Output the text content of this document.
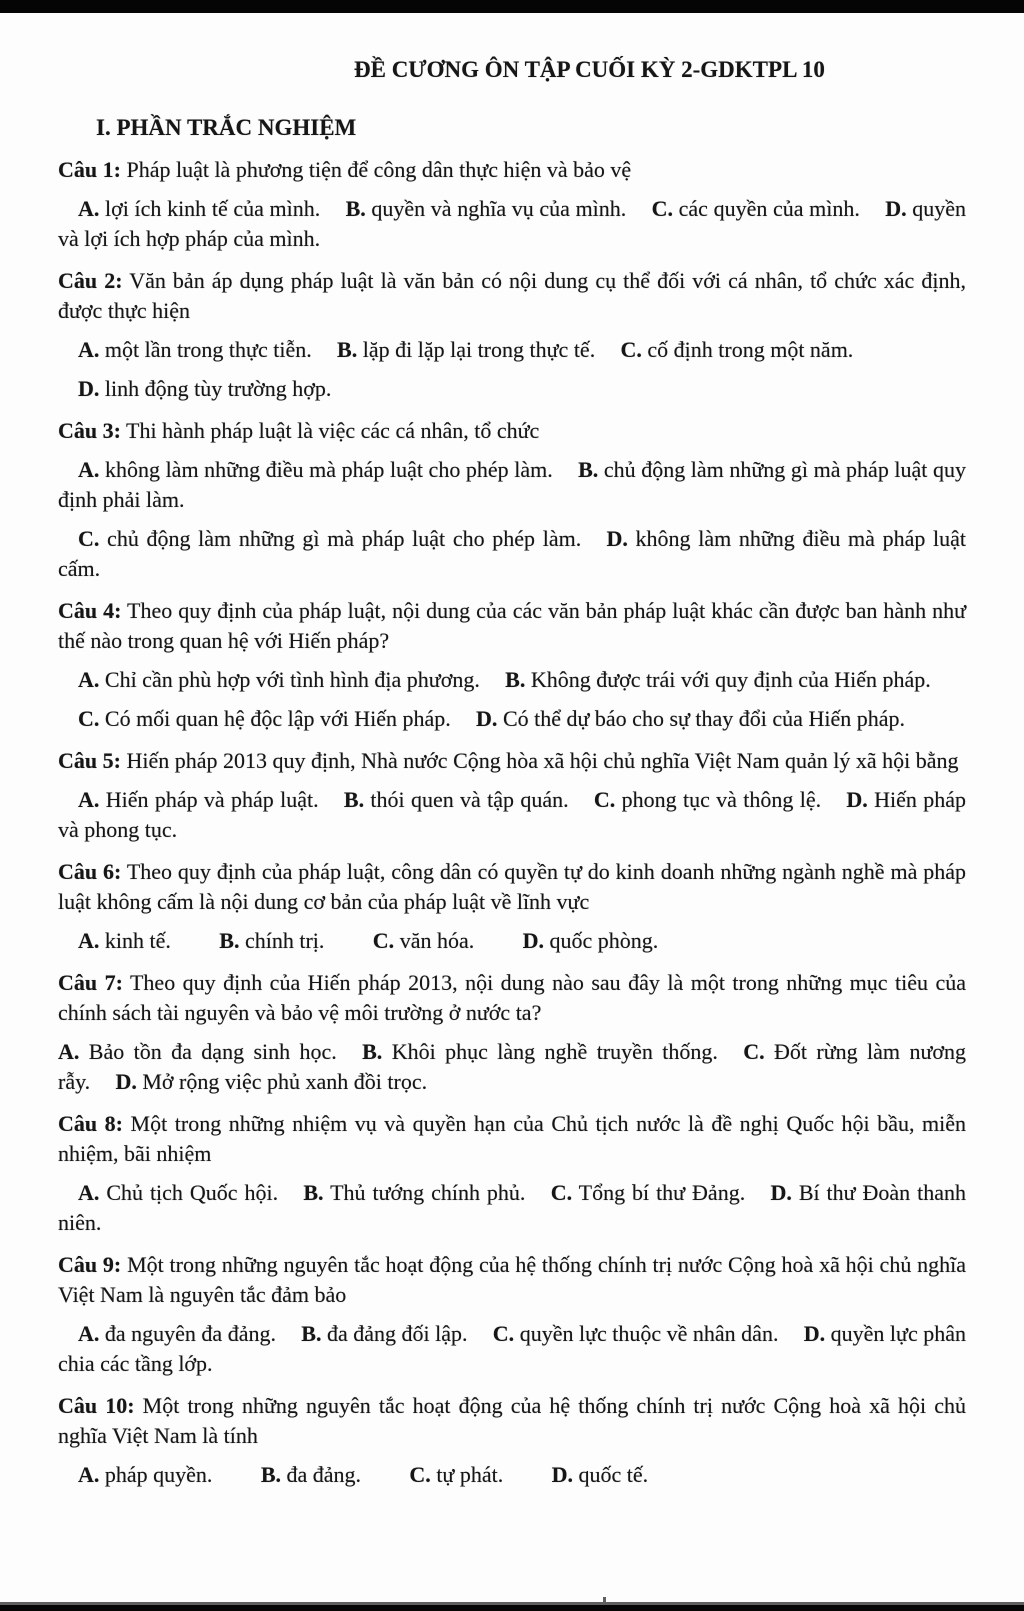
ĐỀ CƯƠNG ÔN TẬP CUỐI KỲ 2-GDKTPL 10
I. PHẦN TRẮC NGHIỆM

Câu 1: Pháp luật là phương tiện để công dân thực hiện và bảo vệ

A. lợi ích kinh tế của mình. B. quyền và nghĩa vụ của mình. C. các quyền của mình. D. quyền và lợi ích hợp pháp của mình.

Câu 2: Văn bản áp dụng pháp luật là văn bản có nội dung cụ thể đối với cá nhân, tổ chức xác định, được thực hiện

A. một lần trong thực tiễn. B. lặp đi lặp lại trong thực tế. C. cố định trong một năm.

D. linh động tùy trường hợp.

Câu 3: Thi hành pháp luật là việc các cá nhân, tổ chức

A. không làm những điều mà pháp luật cho phép làm. B. chủ động làm những gì mà pháp luật quy định phải làm.

C. chủ động làm những gì mà pháp luật cho phép làm. D. không làm những điều mà pháp luật cấm.

Câu 4: Theo quy định của pháp luật, nội dung của các văn bản pháp luật khác cần được ban hành như thế nào trong quan hệ với Hiến pháp?

A. Chỉ cần phù hợp với tình hình địa phương. B. Không được trái với quy định của Hiến pháp.

C. Có mối quan hệ độc lập với Hiến pháp. D. Có thể dự báo cho sự thay đổi của Hiến pháp.

Câu 5: Hiến pháp 2013 quy định, Nhà nước Cộng hòa xã hội chủ nghĩa Việt Nam quản lý xã hội bằng

A. Hiến pháp và pháp luật. B. thói quen và tập quán. C. phong tục và thông lệ. D. Hiến pháp và phong tục.

Câu 6: Theo quy định của pháp luật, công dân có quyền tự do kinh doanh những ngành nghề mà pháp luật không cấm là nội dung cơ bản của pháp luật về lĩnh vực

A. kinh tế. B. chính trị. C. văn hóa. D. quốc phòng.

Câu 7: Theo quy định của Hiến pháp 2013, nội dung nào sau đây là một trong những mục tiêu của chính sách tài nguyên và bảo vệ môi trường ở nước ta?

A. Bảo tồn đa dạng sinh học. B. Khôi phục làng nghề truyền thống. C. Đốt rừng làm nương rẫy. D. Mở rộng việc phủ xanh đồi trọc.

Câu 8: Một trong những nhiệm vụ và quyền hạn của Chủ tịch nước là đề nghị Quốc hội bầu, miễn nhiệm, bãi nhiệm

A. Chủ tịch Quốc hội. B. Thủ tướng chính phủ. C. Tổng bí thư Đảng. D. Bí thư Đoàn thanh niên.

Câu 9: Một trong những nguyên tắc hoạt động của hệ thống chính trị nước Cộng hoà xã hội chủ nghĩa Việt Nam là nguyên tắc đảm bảo

A. đa nguyên đa đảng. B. đa đảng đối lập. C. quyền lực thuộc về nhân dân. D. quyền lực phân chia các tầng lớp.

Câu 10: Một trong những nguyên tắc hoạt động của hệ thống chính trị nước Cộng hoà xã hội chủ nghĩa Việt Nam là tính

A. pháp quyền. B. đa đảng. C. tự phát. D. quốc tế.
